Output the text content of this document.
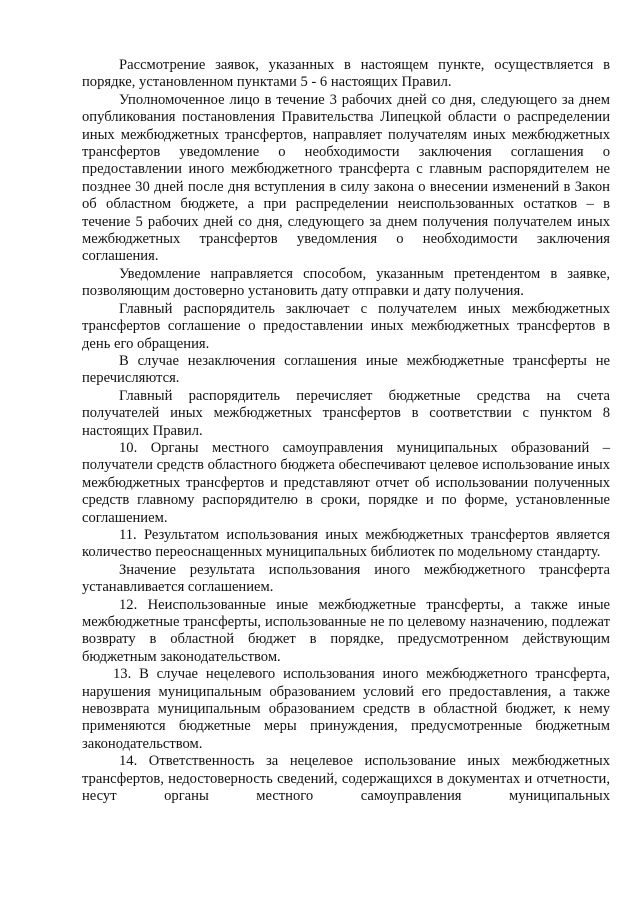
Рассмотрение заявок, указанных в настоящем пункте, осуществляется в порядке, установленном пунктами 5 - 6 настоящих Правил.

Уполномоченное лицо в течение 3 рабочих дней со дня, следующего за днем опубликования постановления Правительства Липецкой области о распределении иных межбюджетных трансфертов, направляет получателям иных межбюджетных трансфертов уведомление о необходимости заключения соглашения о предоставлении иного межбюджетного трансферта с главным распорядителем не позднее 30 дней после дня вступления в силу закона о внесении изменений в Закон об областном бюджете, а при распределении неиспользованных остатков – в течение 5 рабочих дней со дня, следующего за днем получения получателем иных межбюджетных трансфертов уведомления о необходимости заключения соглашения.

Уведомление направляется способом, указанным претендентом в заявке, позволяющим достоверно установить дату отправки и дату получения.

Главный распорядитель заключает с получателем иных межбюджетных трансфертов соглашение о предоставлении иных межбюджетных трансфертов в день его обращения.

В случае незаключения соглашения иные межбюджетные трансферты не перечисляются.

Главный распорядитель перечисляет бюджетные средства на счета получателей иных межбюджетных трансфертов в соответствии с пунктом 8 настоящих Правил.

10. Органы местного самоуправления муниципальных образований – получатели средств областного бюджета обеспечивают целевое использование иных межбюджетных трансфертов и представляют отчет об использовании полученных средств главному распорядителю в сроки, порядке и по форме, установленные соглашением.

11. Результатом использования иных межбюджетных трансфертов является количество переоснащенных муниципальных библиотек по модельному стандарту.

Значение результата использования иного межбюджетного трансферта устанавливается соглашением.

12. Неиспользованные иные межбюджетные трансферты, а также иные межбюджетные трансферты, использованные не по целевому назначению, подлежат возврату в областной бюджет в порядке, предусмотренном действующим бюджетным законодательством.

13. В случае нецелевого использования иного межбюджетного трансферта, нарушения муниципальным образованием условий его предоставления, а также невозврата муниципальным образованием средств в областной бюджет, к нему применяются бюджетные меры принуждения, предусмотренные бюджетным законодательством.

14. Ответственность за нецелевое использование иных межбюджетных трансфертов, недостоверность сведений, содержащихся в документах и отчетности, несут органы местного самоуправления муниципальных
